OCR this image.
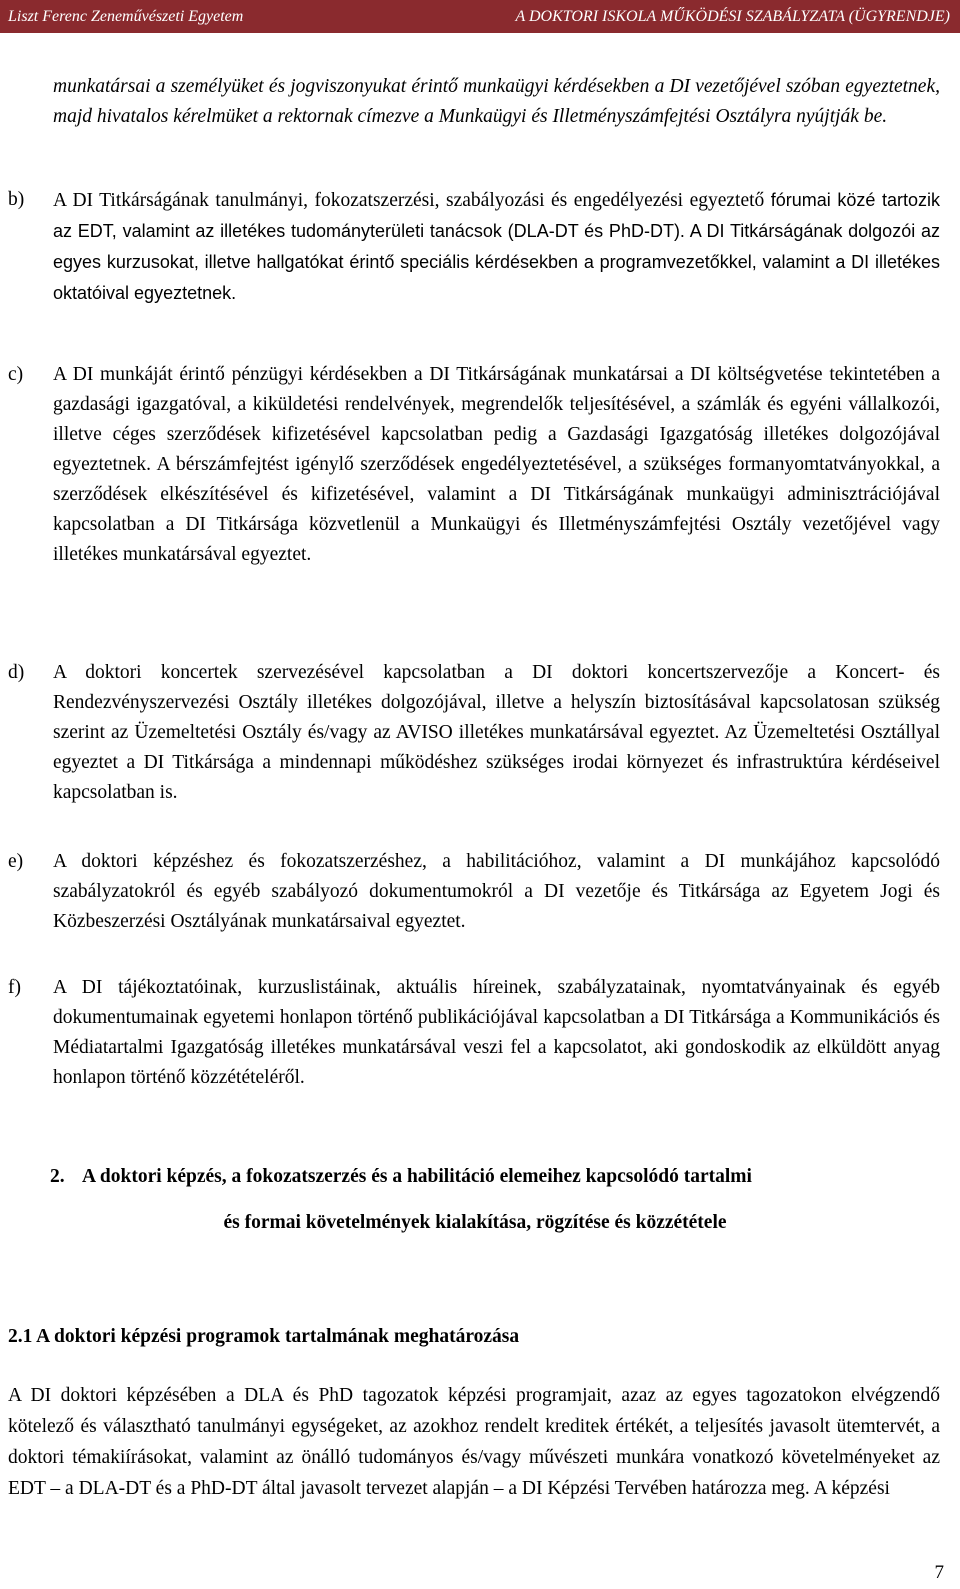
Liszt Ferenc Zeneművészeti Egyetem	A DOKTORI ISKOLA MŰKÖDÉSI SZABÁLYZATA (ÜGYRENDJE)

munkatársai a személyüket és jogviszonyukat érintő munkaügyi kérdésekben a DI vezetőjével szóban egyeztetnek, majd hivatalos kérelmüket a rektornak címezve a Munkaügyi és Illetményszámfejtési Osztályra nyújtják be.

b) A DI Titkárságának tanulmányi, fokozatszerzési, szabályozási és engedélyezési egyeztető fórumai közé tartozik az EDT, valamint az illetékes tudományterületi tanácsok (DLA-DT és PhD-DT). A DI Titkárságának dolgozói az egyes kurzusokat, illetve hallgatókat érintő speciális kérdésekben a programvezetőkkel, valamint a DI illetékes oktatóival egyeztetnek.
c) A DI munkáját érintő pénzügyi kérdésekben a DI Titkárságának munkatársai a DI költségvetése tekintetében a gazdasági igazgatóval, a kiküldetési rendelvények, megrendelők teljesítésével, a számlák és egyéni vállalkozói, illetve céges szerződések kifizetésével kapcsolatban pedig a Gazdasági Igazgatóság illetékes dolgozójával egyeztetnek. A bérszámfejtést igénylő szerződések engedélyeztetésével, a szükséges formanyomtatványokkal, a szerződések elkészítésével és kifizetésével, valamint a DI Titkárságának munkaügyi adminisztrációjával kapcsolatban a DI Titkársága közvetlenül a Munkaügyi és Illetményszámfejtési Osztály vezetőjével vagy illetékes munkatársával egyeztet.
d) A doktori koncertek szervezésével kapcsolatban a DI doktori koncertszervezője a Koncert- és Rendezvényszervezési Osztály illetékes dolgozójával, illetve a helyszín biztosításával kapcsolatosan szükség szerint az Üzemeltetési Osztály és/vagy az AVISO illetékes munkatársával egyeztet. Az Üzemeltetési Osztállyal egyeztet a DI Titkársága a mindennapi működéshez szükséges irodai környezet és infrastruktúra kérdéseivel kapcsolatban is.
e) A doktori képzéshez és fokozatszerzéshez, a habilitációhoz, valamint a DI munkájához kapcsolódó szabályzatokról és egyéb szabályozó dokumentumokról a DI vezetője és Titkársága az Egyetem Jogi és Közbeszerzési Osztályának munkatársaival egyeztet.
f) A DI tájékoztatóinak, kurzuslistáinak, aktuális híreinek, szabályzatainak, nyomtatványainak és egyéb dokumentumainak egyetemi honlapon történő publikációjával kapcsolatban a DI Titkársága a Kommunikációs és Médiatartalmi Igazgatóság illetékes munkatársával veszi fel a kapcsolatot, aki gondoskodik az elküldött anyag honlapon történő közzétételéről.
2. A doktori képzés, a fokozatszerzés és a habilitáció elemeihez kapcsolódó tartalmi
és formai követelmények kialakítása, rögzítése és közzététele
2.1 A doktori képzési programok tartalmának meghatározása

A DI doktori képzésében a DLA és PhD tagozatok képzési programjait, azaz az egyes tagozatokon elvégzendő kötelező és választható tanulmányi egységeket, az azokhoz rendelt kreditek értékét, a teljesítés javasolt ütemtervét, a doktori témakiírásokat, valamint az önálló tudományos és/vagy művészeti munkára vonatkozó követelményeket az EDT – a DLA-DT és a PhD-DT által javasolt tervezet alapján – a DI Képzési Tervében határozza meg. A képzési

7
